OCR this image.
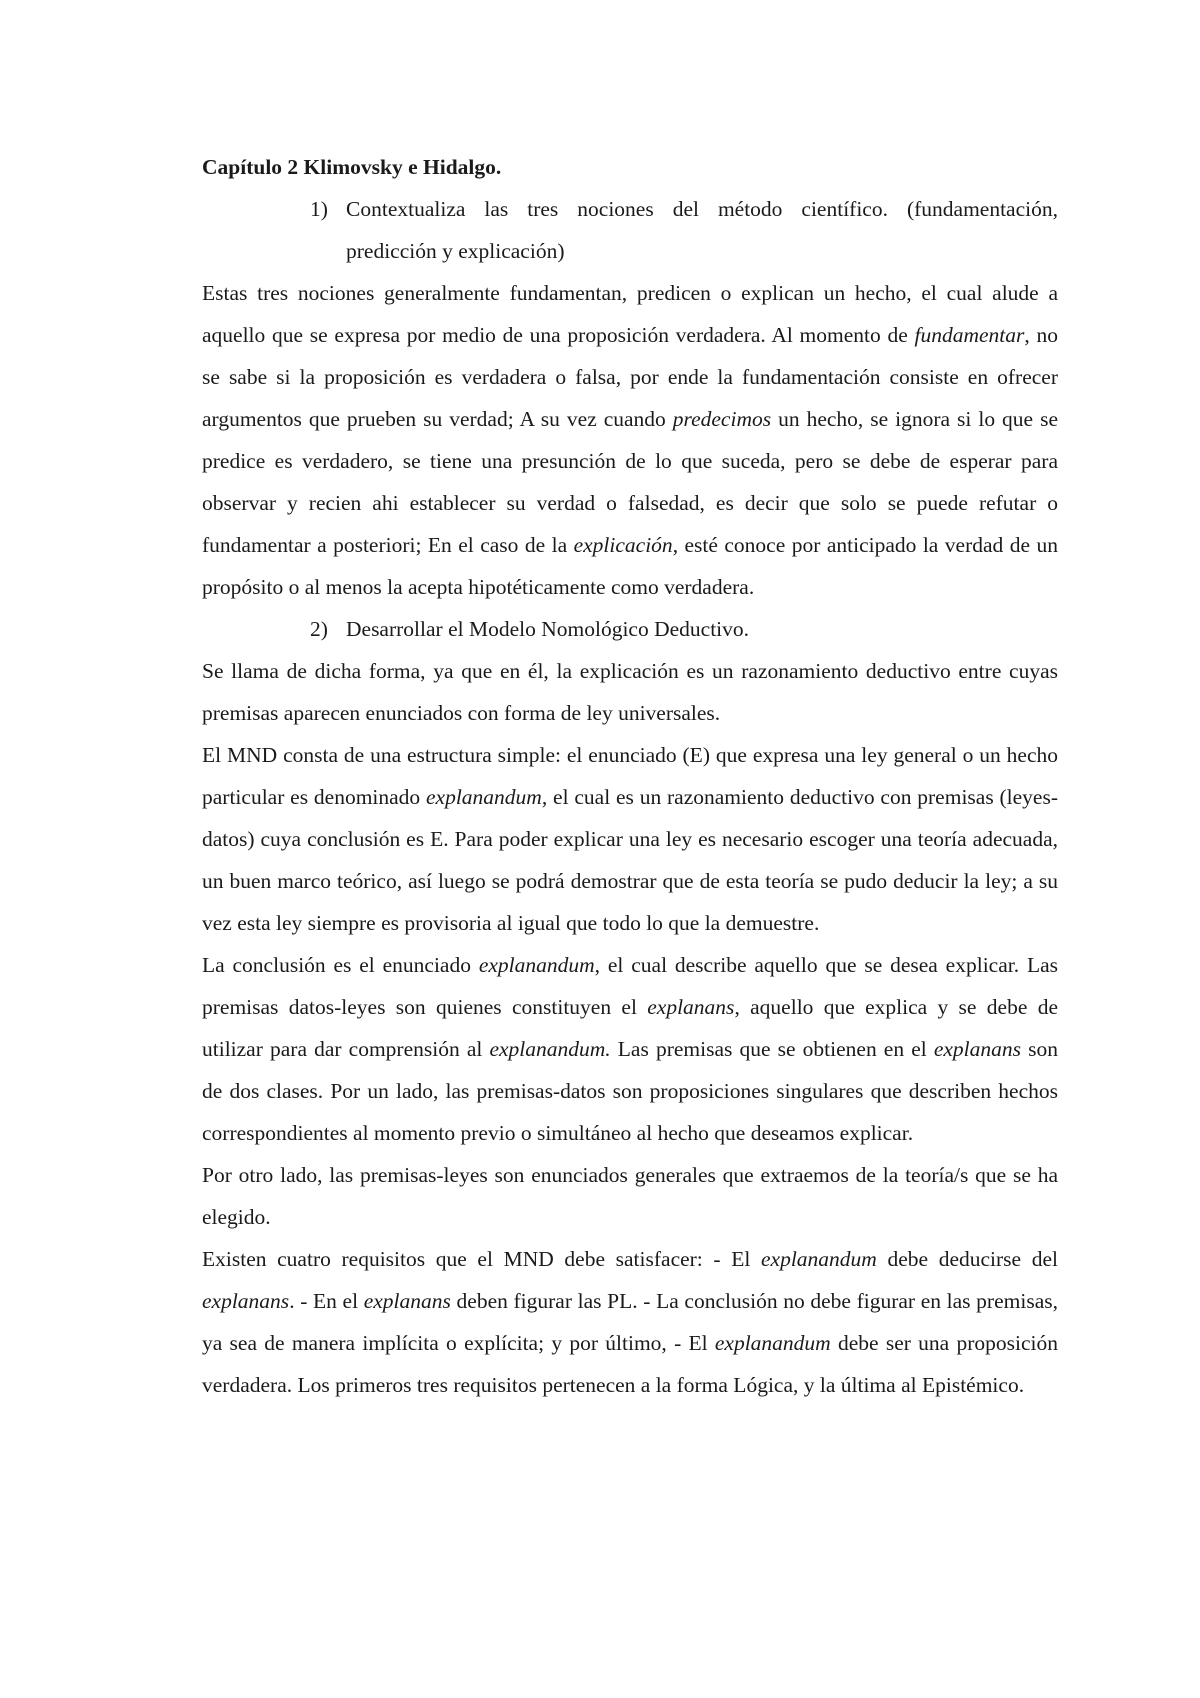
Capítulo 2 Klimovsky e Hidalgo.

1) Contextualiza las tres nociones del método científico. (fundamentación, predicción y explicación)

Estas tres nociones generalmente fundamentan, predicen o explican un hecho, el cual alude a aquello que se expresa por medio de una proposición verdadera. Al momento de fundamentar, no se sabe si la proposición es verdadera o falsa, por ende la fundamentación consiste en ofrecer argumentos que prueben su verdad; A su vez cuando predecimos un hecho, se ignora si lo que se predice es verdadero, se tiene una presunción de lo que suceda, pero se debe de esperar para observar y recien ahi establecer su verdad o falsedad, es decir que solo se puede refutar o fundamentar a posteriori; En el caso de la explicación, esté conoce por anticipado la verdad de un propósito o al menos la acepta hipotéticamente como verdadera.

2) Desarrollar el Modelo Nomológico Deductivo.

Se llama de dicha forma, ya que en él, la explicación es un razonamiento deductivo entre cuyas premisas aparecen enunciados con forma de ley universales.

El MND consta de una estructura simple: el enunciado (E) que expresa una ley general o un hecho particular es denominado explanandum, el cual es un razonamiento deductivo con premisas (leyes-datos) cuya conclusión es E. Para poder explicar una ley es necesario escoger una teoría adecuada, un buen marco teórico, así luego se podrá demostrar que de esta teoría se pudo deducir la ley; a su vez esta ley siempre es provisoria al igual que todo lo que la demuestre.

La conclusión es el enunciado explanandum, el cual describe aquello que se desea explicar. Las premisas datos-leyes son quienes constituyen el explanans, aquello que explica y se debe de utilizar para dar comprensión al explanandum. Las premisas que se obtienen en el explanans son de dos clases. Por un lado, las premisas-datos son proposiciones singulares que describen hechos correspondientes al momento previo o simultáneo al hecho que deseamos explicar.

Por otro lado, las premisas-leyes son enunciados generales que extraemos de la teoría/s que se ha elegido.

Existen cuatro requisitos que el MND debe satisfacer: - El explanandum debe deducirse del explanans. - En el explanans deben figurar las PL. - La conclusión no debe figurar en las premisas, ya sea de manera implícita o explícita; y por último, - El explanandum debe ser una proposición verdadera. Los primeros tres requisitos pertenecen a la forma Lógica, y la última al Epistémico.
